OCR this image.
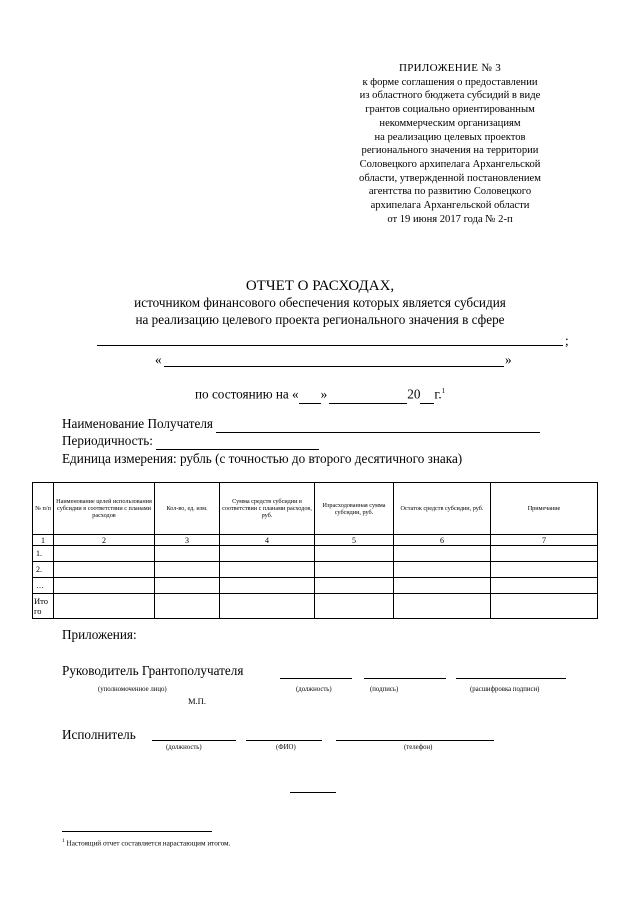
ПРИЛОЖЕНИЕ № 3
к форме соглашения о предоставлении
из областного бюджета субсидий в виде
грантов социально ориентированным
некоммерческим организациям
на реализацию целевых проектов
регионального значения на территории
Соловецкого архипелага Архангельской
области, утвержденной постановлением
агентства по развитию Соловецкого
архипелага Архангельской области
от 19 июня 2017 года № 2-п
ОТЧЕТ О РАСХОДАХ,
источником финансового обеспечения которых является субсидия
на реализацию целевого проекта регионального значения в сфере
;
«	»
по состоянию на « »	20 г.$^1$
Наименование Получателя
Периодичность:
Единица измерения: рубль (с точностью до второго десятичного знака)
№ п/п	Наименование целей использования субсидии в соответствии с планами расходов	Кол-во, ед. изм.	Сумма средств субсидии в соответствии с планами расходов, руб.	Израсходованная сумма субсидии, руб.	Остаток средств субсидии, руб.	Примечание
1	2	3	4	5	6	7
1.						
2.						
…						
Ито го						
Приложения:
Руководитель Грантополучателя
(уполномоченное лицо)	(должность)	(подпись)	(расшифровка подписи)
М.П.
Исполнитель
(должность)	(ФИО)	(телефон)
$^1$ Настоящий отчет составляется нарастающим итогом.
